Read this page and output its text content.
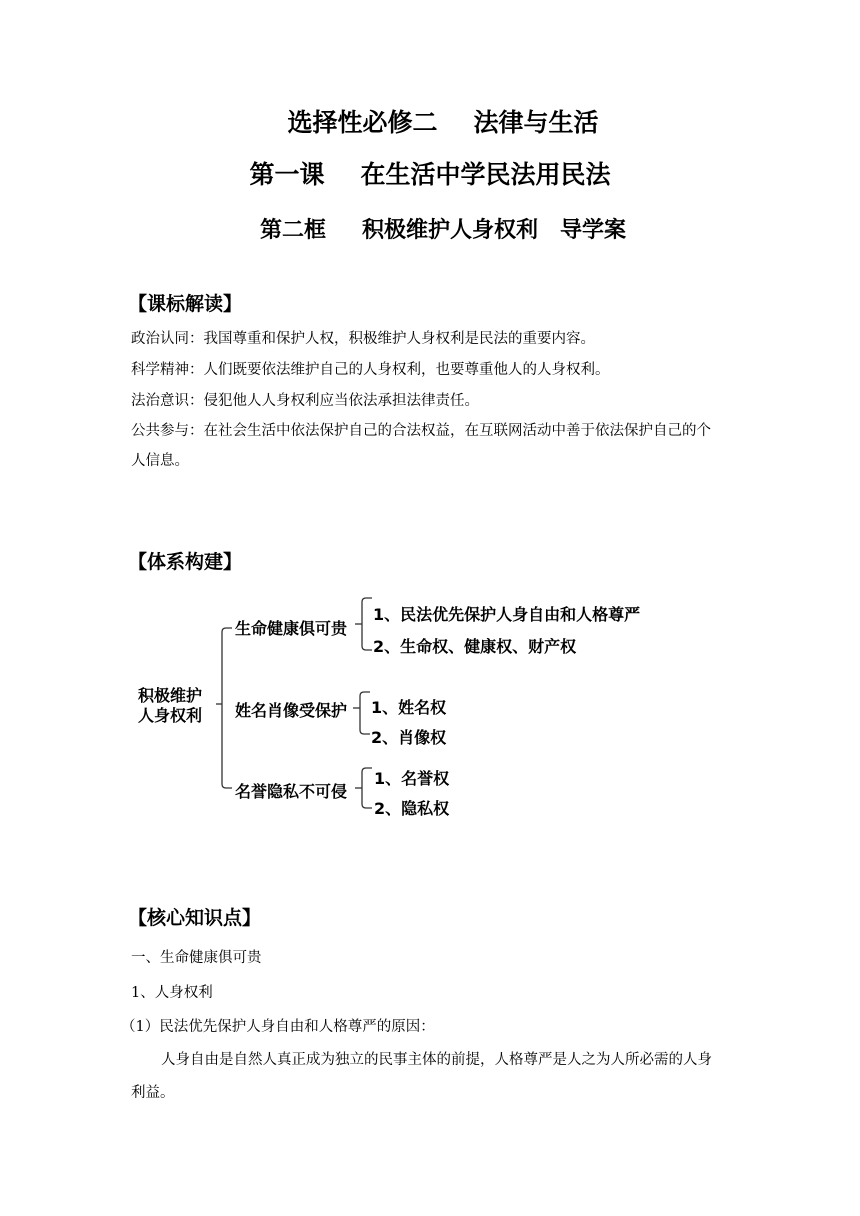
选择性必修二 法律与生活
第一课 在生活中学民法用民法
第二框 积极维护人身权利 导学案
【课标解读】
政治认同：我国尊重和保护人权，积极维护人身权利是民法的重要内容。
科学精神：人们既要依法维护自己的人身权利，也要尊重他人的人身权利。
法治意识：侵犯他人人身权利应当依法承担法律责任。
公共参与：在社会生活中依法保护自己的合法权益，在互联网活动中善于依法保护自己的个
人信息。
【体系构建】
积极维护
人身权利
生命健康俱可贵
1、民法优先保护人身自由和人格尊严
2、生命权、健康权、财产权
姓名肖像受保护 1、姓名权
2、肖像权
名誉隐私不可侵
1、名誉权
2、隐私权
【核心知识点】
一、生命健康俱可贵
1、人身权利
（1）民法优先保护人身自由和人格尊严的原因：
人身自由是自然人真正成为独立的民事主体的前提，人格尊严是人之为人所必需的人身
利益。
